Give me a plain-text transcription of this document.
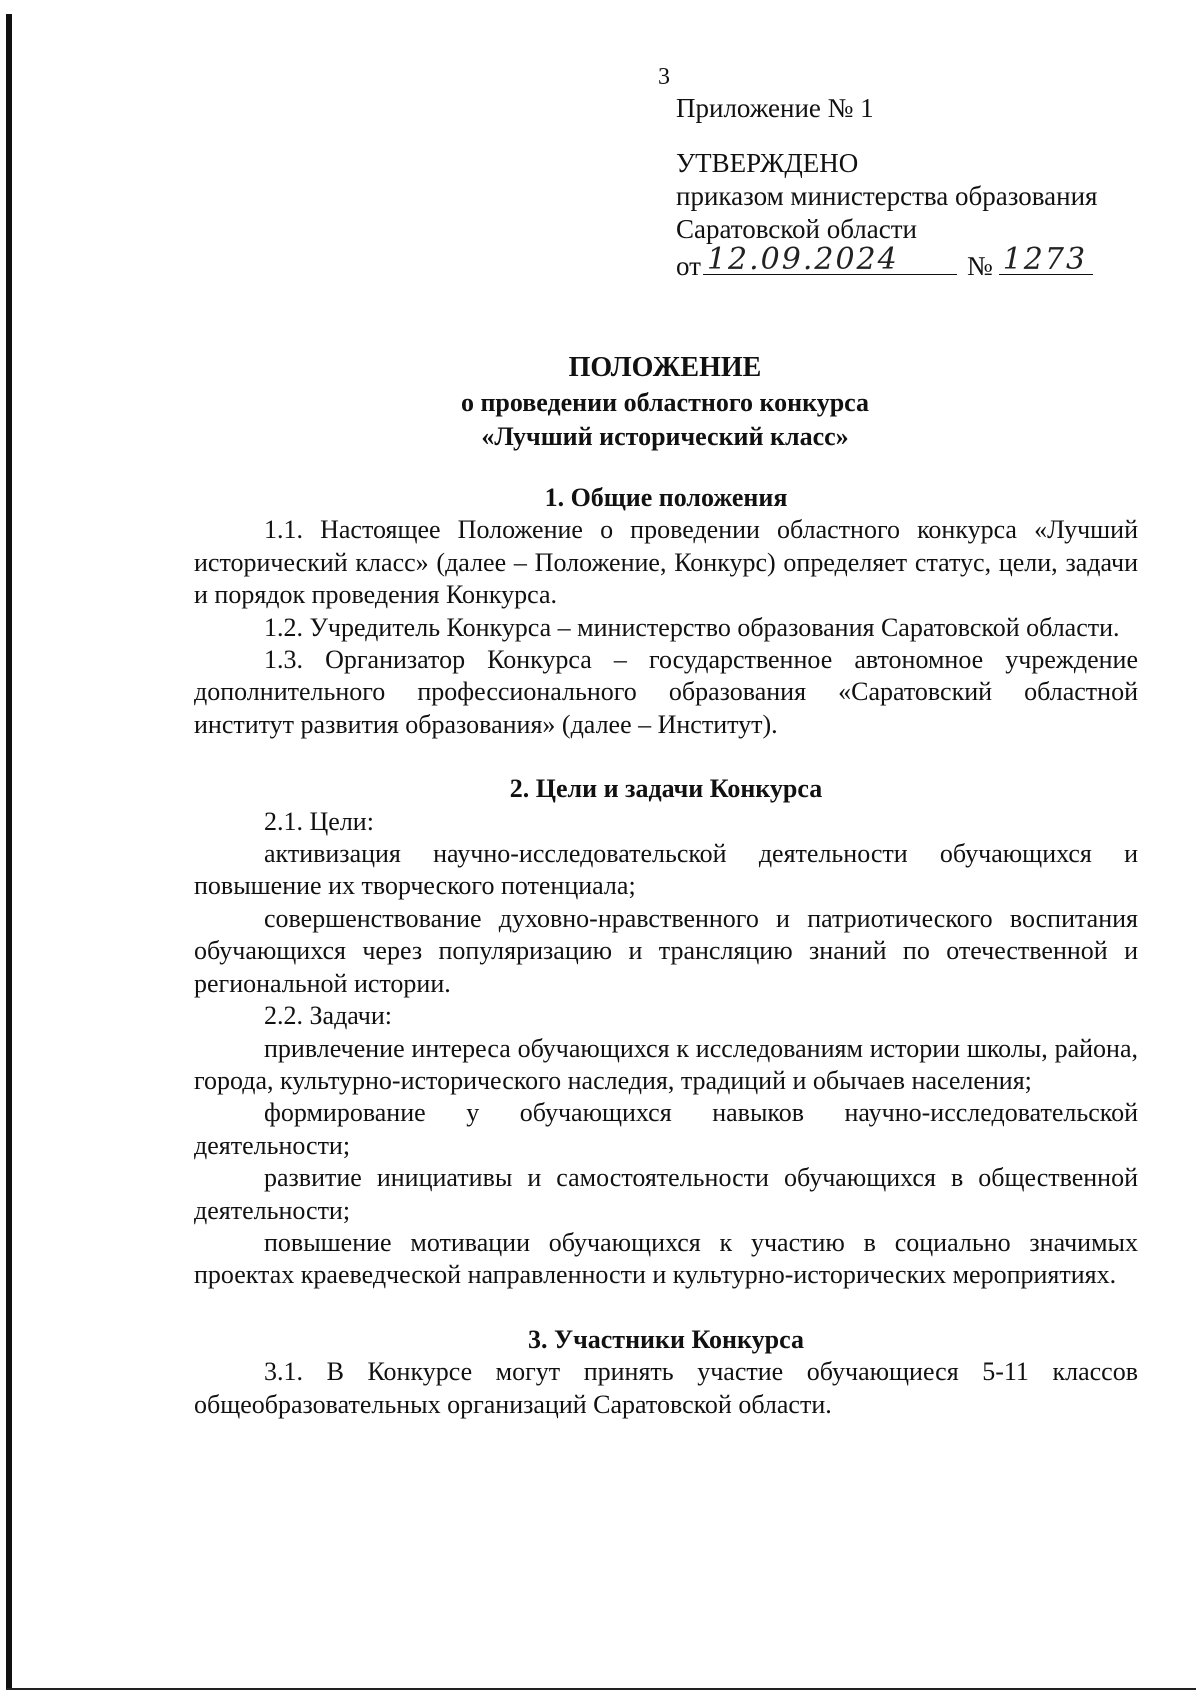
3
Приложение № 1
УТВЕРЖДЕНО
приказом министерства образования
Саратовской области
от 12.09.2024	№ 1273
ПОЛОЖЕНИЕ
о проведении областного конкурса
«Лучший исторический класс»
1. Общие положения

1.1. Настоящее Положение о проведении областного конкурса «Лучший исторический класс» (далее – Положение, Конкурс) определяет статус, цели, задачи и порядок проведения Конкурса.

1.2. Учредитель Конкурса – министерство образования Саратовской области.

1.3. Организатор Конкурса – государственное автономное учреждение дополнительного профессионального образования «Саратовский областной институт развития образования» (далее – Институт).

2. Цели и задачи Конкурса

2.1. Цели:

активизация научно-исследовательской деятельности обучающихся и повышение их творческого потенциала;

совершенствование духовно-нравственного и патриотического воспитания обучающихся через популяризацию и трансляцию знаний по отечественной и региональной истории.

2.2. Задачи:

привлечение интереса обучающихся к исследованиям истории школы, района, города, культурно-исторического наследия, традиций и обычаев населения;

формирование у обучающихся навыков научно-исследовательской деятельности;

развитие инициативы и самостоятельности обучающихся в общественной деятельности;

повышение мотивации обучающихся к участию в социально значимых проектах краеведческой направленности и культурно-исторических мероприятиях.

3. Участники Конкурса

3.1. В Конкурсе могут принять участие обучающиеся 5-11 классов общеобразовательных организаций Саратовской области.
